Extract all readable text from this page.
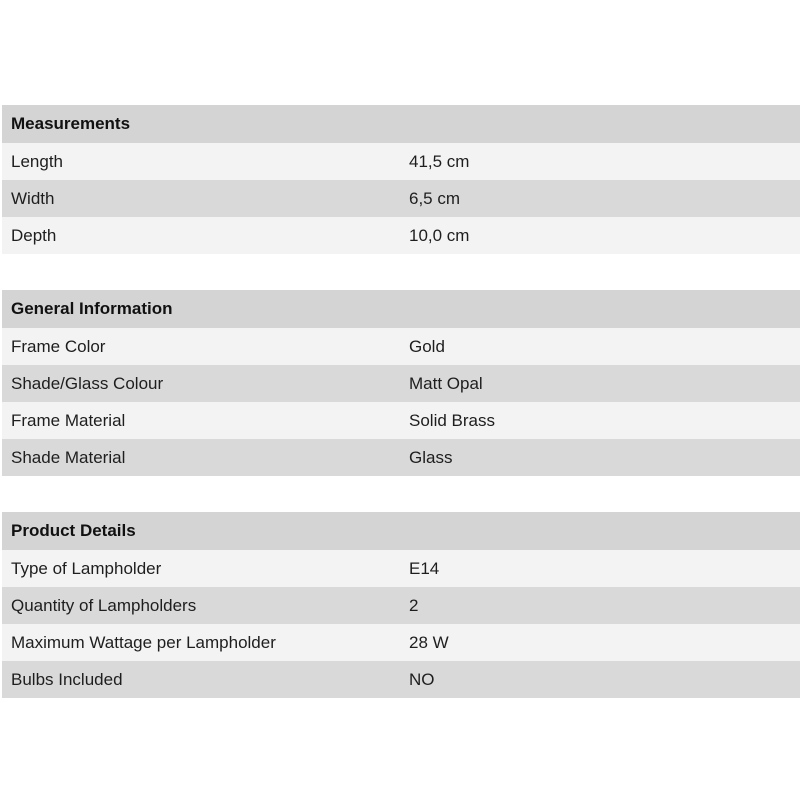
Measurements
Length	41,5 cm
Width	6,5 cm
Depth	10,0 cm
General Information
Frame Color	Gold
Shade/Glass Colour	Matt Opal
Frame Material	Solid Brass
Shade Material	Glass
Product Details
Type of Lampholder	E14
Quantity of Lampholders	2
Maximum Wattage per Lampholder	28 W
Bulbs Included	NO
